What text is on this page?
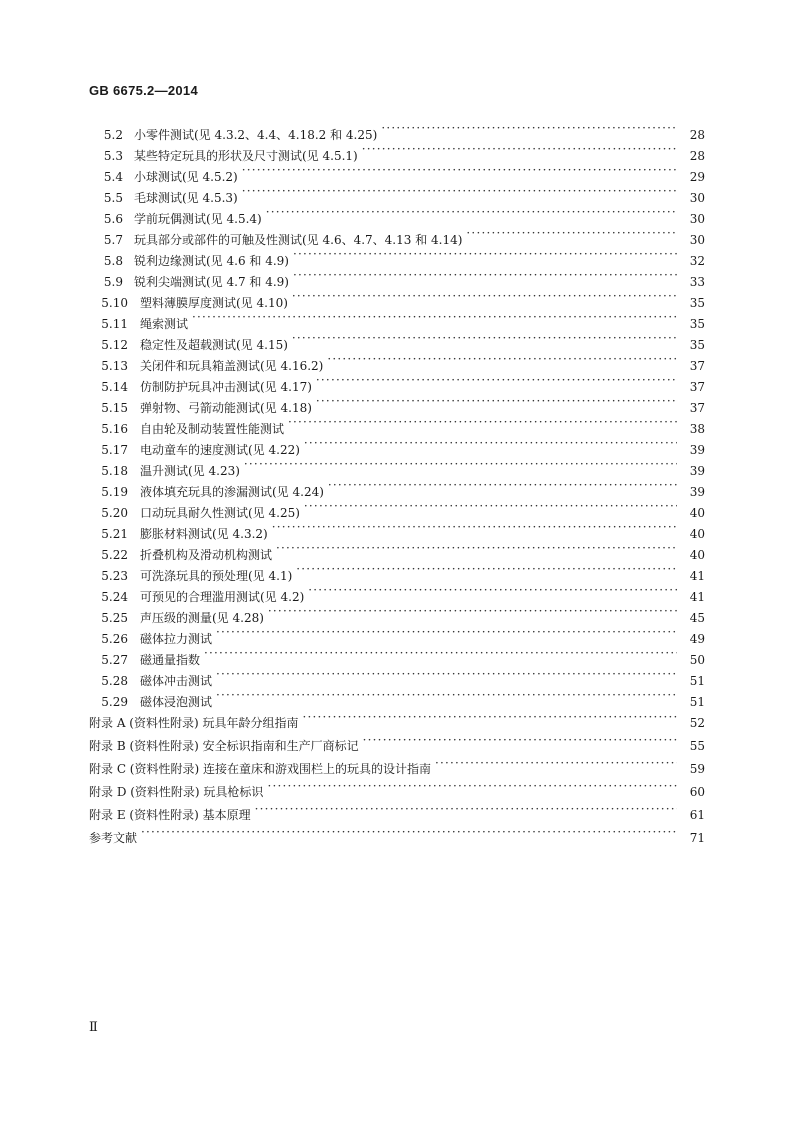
GB 6675.2—2014
5.2 小零件测试(见 4.3.2、4.4、4.18.2 和 4.25) ·····	28
5.3 某些特定玩具的形状及尺寸测试(见 4.5.1) ·····	28
5.4 小球测试(见 4.5.2) ·····	29
5.5 毛球测试(见 4.5.3) ·····	30
5.6 学前玩偶测试(见 4.5.4) ·····	30
5.7 玩具部分或部件的可触及性测试(见 4.6、4.7、4.13 和 4.14) ·····	30
5.8 锐利边缘测试(见 4.6 和 4.9) ·····	32
5.9 锐利尖端测试(见 4.7 和 4.9) ·····	33
5.10 塑料薄膜厚度测试(见 4.10) ·····	35
5.11 绳索测试 ·····	35
5.12 稳定性及超载测试(见 4.15) ·····	35
5.13 关闭件和玩具箱盖测试(见 4.16.2) ·····	37
5.14 仿制防护玩具冲击测试(见 4.17) ·····	37
5.15 弹射物、弓箭动能测试(见 4.18) ·····	37
5.16 自由轮及制动装置性能测试 ·····	38
5.17 电动童车的速度测试(见 4.22) ·····	39
5.18 温升测试(见 4.23) ·····	39
5.19 液体填充玩具的渗漏测试(见 4.24) ·····	39
5.20 口动玩具耐久性测试(见 4.25) ·····	40
5.21 膨胀材料测试(见 4.3.2) ·····	40
5.22 折叠机构及滑动机构测试 ·····	40
5.23 可洗涤玩具的预处理(见 4.1) ·····	41
5.24 可预见的合理滥用测试(见 4.2) ·····	41
5.25 声压级的测量(见 4.28) ·····	45
5.26 磁体拉力测试 ·····	49
5.27 磁通量指数 ·····	50
5.28 磁体冲击测试 ·····	51
5.29 磁体浸泡测试 ·····	51
附录 A (资料性附录) 玩具年龄分组指南 ·····	52
附录 B (资料性附录) 安全标识指南和生产厂商标记 ·····	55
附录 C (资料性附录) 连接在童床和游戏围栏上的玩具的设计指南 ·····	59
附录 D (资料性附录) 玩具枪标识 ·····	60
附录 E (资料性附录) 基本原理 ·····	61
参考文献 ·····	71
Ⅱ
